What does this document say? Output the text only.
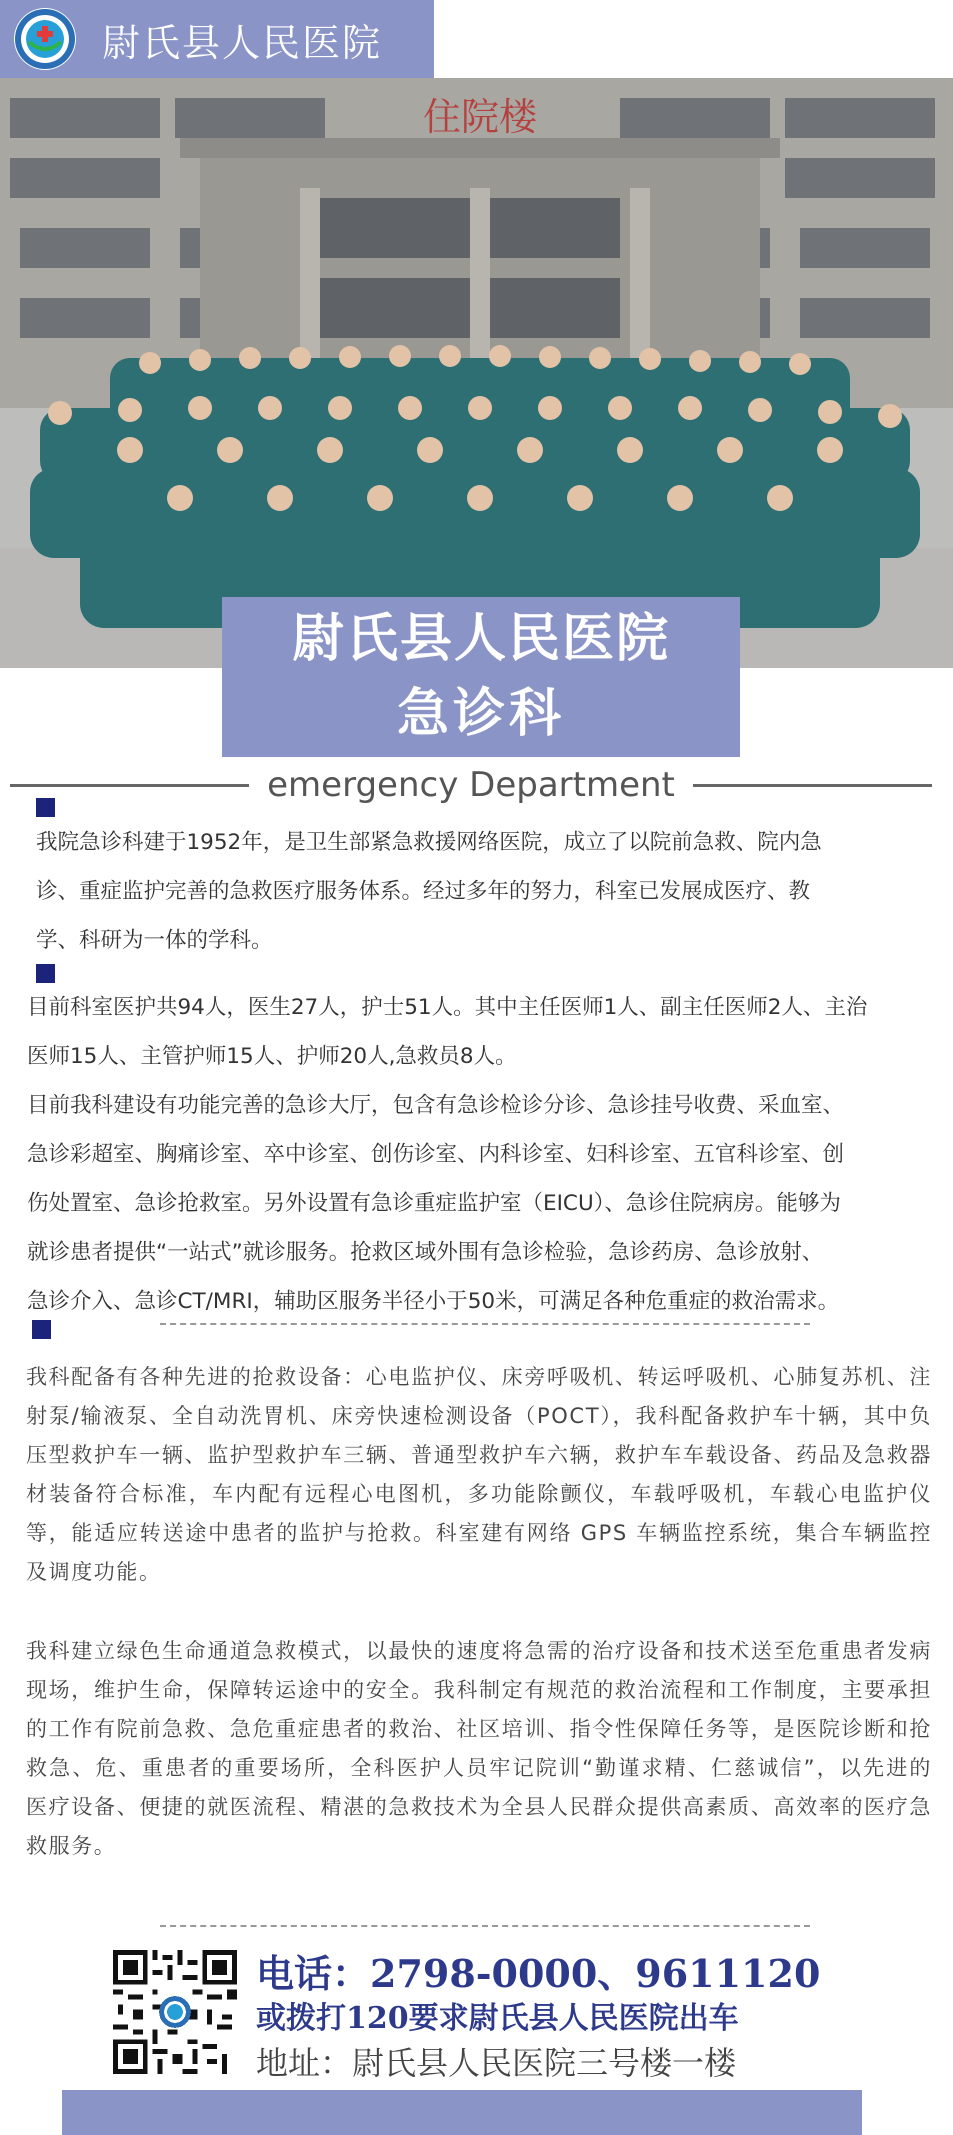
尉氏县人民医院
住院楼
尉氏县人民医院
急诊科
emergency Department
我院急诊科建于1952年，是卫生部紧急救援网络医院，成立了以院前急救、院内急
诊、重症监护完善的急救医疗服务体系。经过多年的努力，科室已发展成医疗、教
学、科研为一体的学科。
目前科室医护共94人，医生27人，护士51人。其中主任医师1人、副主任医师2人、主治
医师15人、主管护师15人、护师20人,急救员8人。
目前我科建设有功能完善的急诊大厅，包含有急诊检诊分诊、急诊挂号收费、采血室、
急诊彩超室、胸痛诊室、卒中诊室、创伤诊室、内科诊室、妇科诊室、五官科诊室、创
伤处置室、急诊抢救室。另外设置有急诊重症监护室（EICU）、急诊住院病房。能够为
就诊患者提供“一站式”就诊服务。抢救区域外围有急诊检验，急诊药房、急诊放射、
急诊介入、急诊CT/MRI，辅助区服务半径小于50米，可满足各种危重症的救治需求。

我科配备有各种先进的抢救设备：心电监护仪、床旁呼吸机、转运呼吸机、心肺复苏机、注射泵/输液泵、全自动洗胃机、床旁快速检测设备（POCT），我科配备救护车十辆，其中负压型救护车一辆、监护型救护车三辆、普通型救护车六辆，救护车车载设备、药品及急救器材装备符合标准，车内配有远程心电图机，多功能除颤仪，车载呼吸机，车载心电监护仪等，能适应转送途中患者的监护与抢救。科室建有网络 GPS 车辆监控系统，集合车辆监控及调度功能。

我科建立绿色生命通道急救模式，以最快的速度将急需的治疗设备和技术送至危重患者发病现场，维护生命，保障转运途中的安全。我科制定有规范的救治流程和工作制度，主要承担的工作有院前急救、急危重症患者的救治、社区培训、指令性保障任务等，是医院诊断和抢救急、危、重患者的重要场所，全科医护人员牢记院训“勤谨求精、仁慈诚信”，以先进的医疗设备、便捷的就医流程、精湛的急救技术为全县人民群众提供高素质、高效率的医疗急救服务。

电话：2798-0000、9611120
或拨打120要求尉氏县人民医院出车
地址：尉氏县人民医院三号楼一楼
